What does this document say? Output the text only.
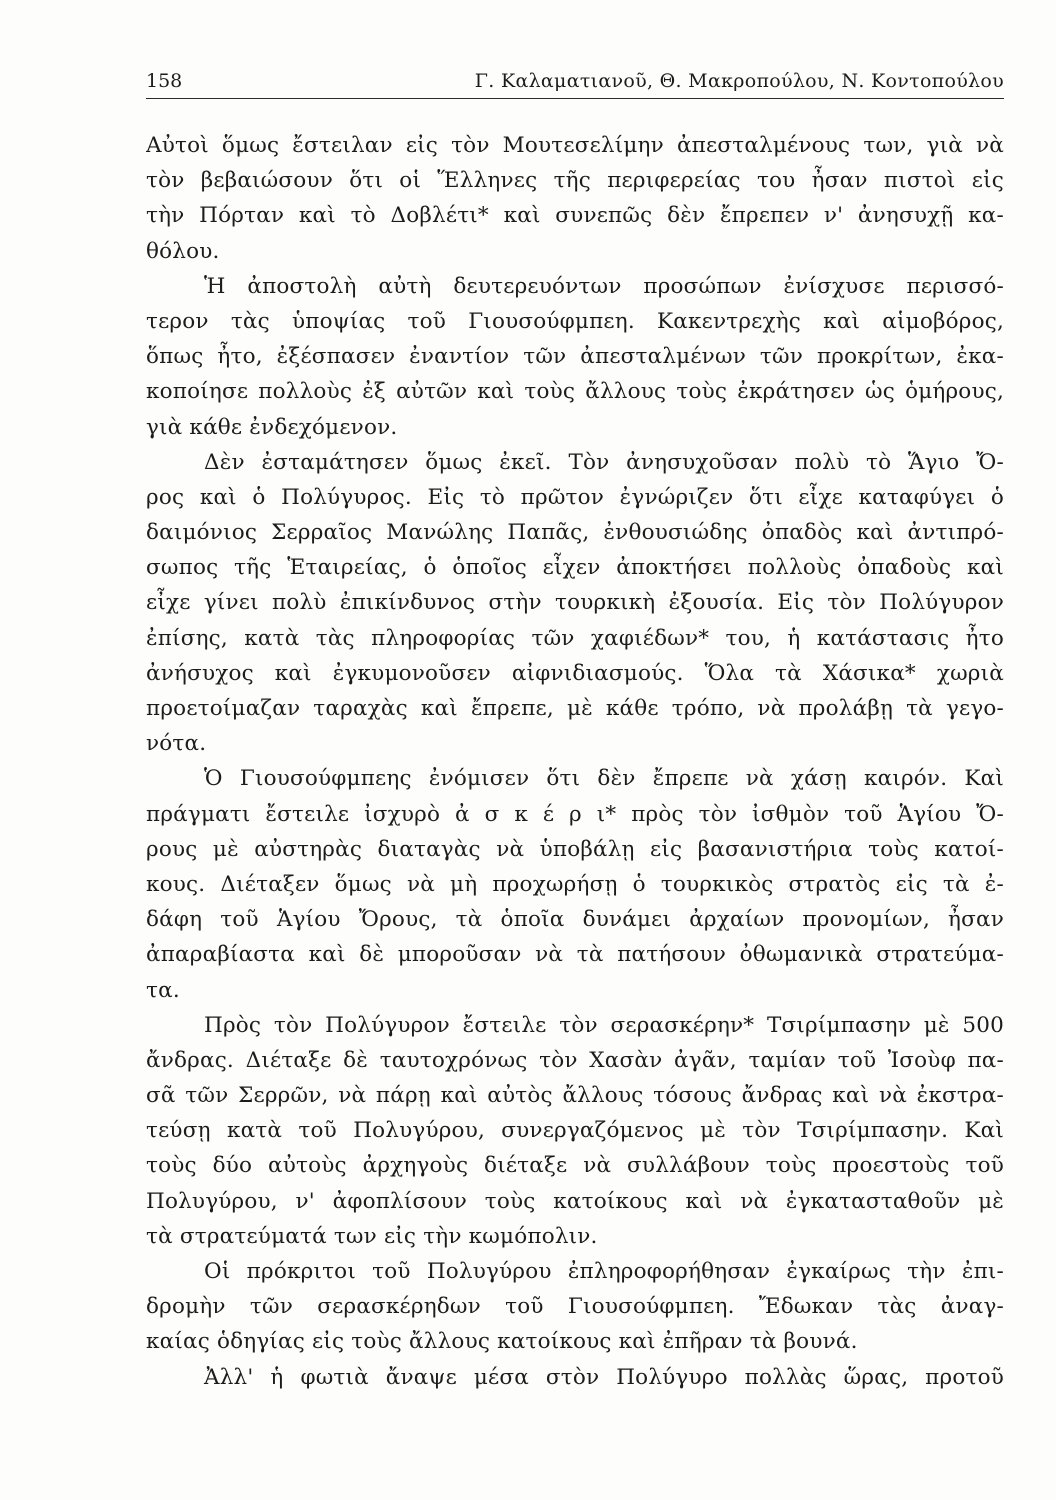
158	Γ. Καλαματιανοῦ, Θ. Μακροπούλου, Ν. Κοντοπούλου
Αὐτοὶ ὅμως ἔστειλαν εἰς τὸν Μουτεσελίμην ἀπεσταλμένους των, γιὰ νὰ
τὸν βεβαιώσουν ὅτι οἱ Ἕλληνες τῆς περιφερείας του ἦσαν πιστοὶ εἰς
τὴν Πόρταν καὶ τὸ Δοβλέτι* καὶ συνεπῶς δὲν ἔπρεπεν ν' ἀνησυχῇ κα-
θόλου.
Ἡ ἀποστολὴ αὐτὴ δευτερευόντων προσώπων ἐνίσχυσε περισσό-
τερον τὰς ὑποψίας τοῦ Γιουσούφμπεη. Κακεντρεχὴς καὶ αἱμοβόρος,
ὅπως ἦτο, ἐξέσπασεν ἐναντίον τῶν ἀπεσταλμένων τῶν προκρίτων, ἐκα-
κοποίησε πολλοὺς ἐξ αὐτῶν καὶ τοὺς ἄλλους τοὺς ἐκράτησεν ὡς ὁμήρους,
γιὰ κάθε ἐνδεχόμενον.
Δὲν ἐσταμάτησεν ὅμως ἐκεῖ. Τὸν ἀνησυχοῦσαν πολὺ τὸ Ἅγιο Ὄ-
ρος καὶ ὁ Πολύγυρος. Εἰς τὸ πρῶτον ἐγνώριζεν ὅτι εἶχε καταφύγει ὁ
δαιμόνιος Σερραῖος Μανώλης Παπᾶς, ἐνθουσιώδης ὀπαδὸς καὶ ἀντιπρό-
σωπος τῆς Ἑταιρείας, ὁ ὁποῖος εἶχεν ἀποκτήσει πολλοὺς ὀπαδοὺς καὶ
εἶχε γίνει πολὺ ἐπικίνδυνος στὴν τουρκικὴ ἐξουσία. Εἰς τὸν Πολύγυρον
ἐπίσης, κατὰ τὰς πληροφορίας τῶν χαφιέδων* του, ἡ κατάστασις ἦτο
ἀνήσυχος καὶ ἐγκυμονοῦσεν αἰφνιδιασμούς. Ὅλα τὰ Χάσικα* χωριὰ
προετοίμαζαν ταραχὰς καὶ ἔπρεπε, μὲ κάθε τρόπο, νὰ προλάβῃ τὰ γεγο-
νότα.
Ὁ Γιουσούφμπεης ἐνόμισεν ὅτι δὲν ἔπρεπε νὰ χάσῃ καιρόν. Καὶ
πράγματι ἔστειλε ἰσχυρὸ ἀ σ κ έ ρ ι* πρὸς τὸν ἰσθμὸν τοῦ Ἁγίου Ὄ-
ρους μὲ αὐστηρὰς διαταγὰς νὰ ὑποβάλῃ εἰς βασανιστήρια τοὺς κατοί-
κους. Διέταξεν ὅμως νὰ μὴ προχωρήσῃ ὁ τουρκικὸς στρατὸς εἰς τὰ ἐ-
δάφη τοῦ Ἁγίου Ὄρους, τὰ ὁποῖα δυνάμει ἀρχαίων προνομίων, ἦσαν
ἀπαραβίαστα καὶ δὲ μποροῦσαν νὰ τὰ πατήσουν ὀθωμανικὰ στρατεύμα-
τα.
Πρὸς τὸν Πολύγυρον ἔστειλε τὸν σερασκέρην* Τσιρίμπασην μὲ 500
ἄνδρας. Διέταξε δὲ ταυτοχρόνως τὸν Χασὰν ἀγᾶν, ταμίαν τοῦ Ἰσοὺφ πα-
σᾶ τῶν Σερρῶν, νὰ πάρῃ καὶ αὐτὸς ἄλλους τόσους ἄνδρας καὶ νὰ ἐκστρα-
τεύσῃ κατὰ τοῦ Πολυγύρου, συνεργαζόμενος μὲ τὸν Τσιρίμπασην. Καὶ
τοὺς δύο αὐτοὺς ἀρχηγοὺς διέταξε νὰ συλλάβουν τοὺς προεστοὺς τοῦ
Πολυγύρου, ν' ἀφοπλίσουν τοὺς κατοίκους καὶ νὰ ἐγκατασταθοῦν μὲ
τὰ στρατεύματά των εἰς τὴν κωμόπολιν.
Οἱ πρόκριτοι τοῦ Πολυγύρου ἐπληροφορήθησαν ἐγκαίρως τὴν ἐπι-
δρομὴν τῶν σερασκέρηδων τοῦ Γιουσούφμπεη. Ἔδωκαν τὰς ἀναγ-
καίας ὁδηγίας εἰς τοὺς ἄλλους κατοίκους καὶ ἐπῆραν τὰ βουνά.
Ἀλλ' ἡ φωτιὰ ἄναψε μέσα στὸν Πολύγυρο πολλὰς ὥρας, προτοῦ
